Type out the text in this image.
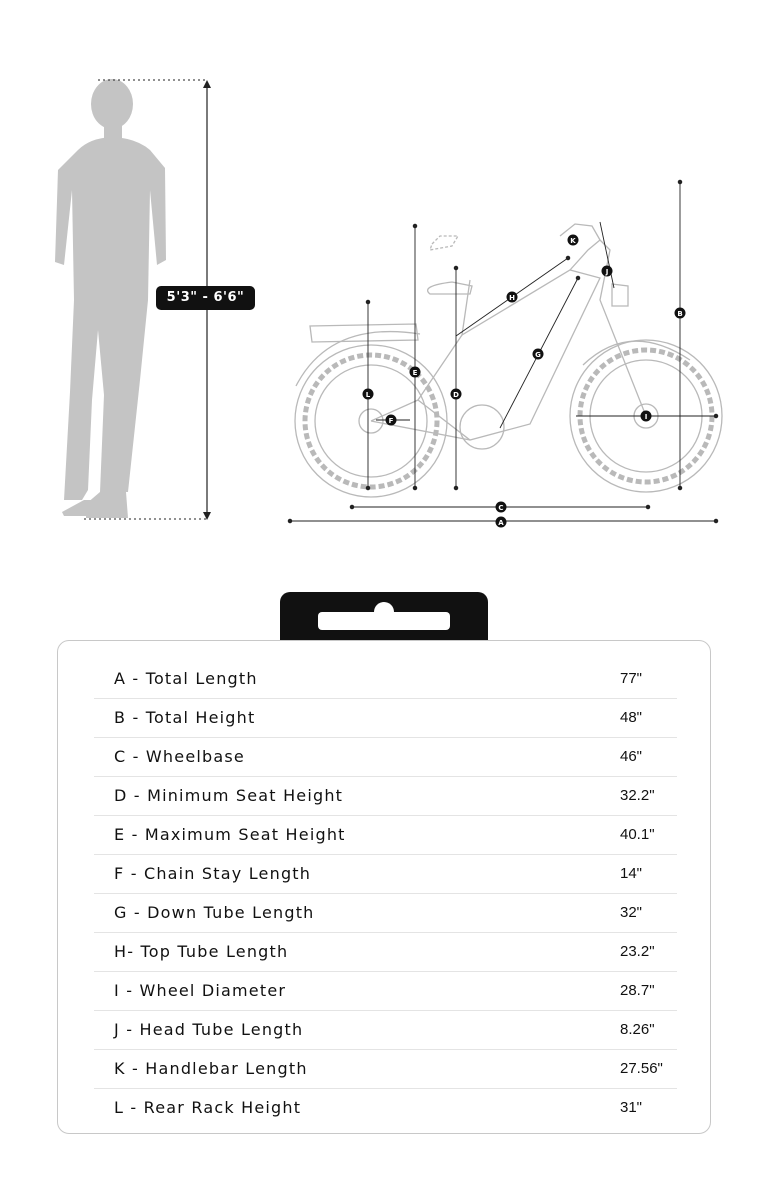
A
B
C
D
E
F
G
H
I
J
K
L
5'3" - 6'6"
A - Total Length	77"
B - Total Height	48"
C - Wheelbase	46"
D - Minimum Seat Height	32.2"
E - Maximum Seat Height	40.1"
F - Chain Stay Length	14"
G - Down Tube Length	32"
H- Top Tube Length	23.2"
I - Wheel Diameter	28.7"
J - Head Tube Length	8.26"
K - Handlebar Length	27.56"
L - Rear Rack Height	31"
